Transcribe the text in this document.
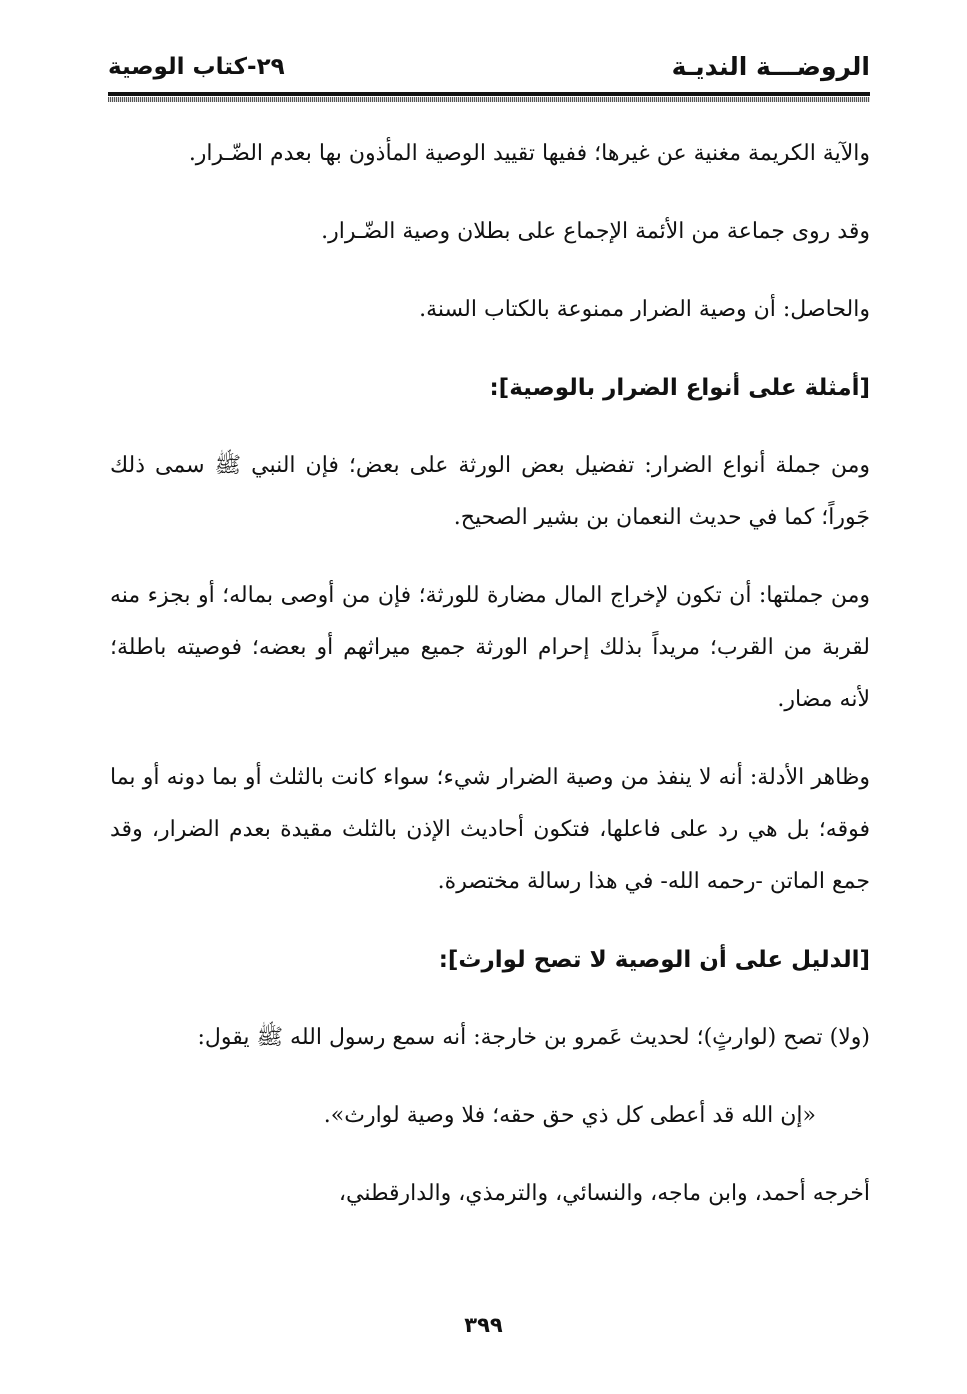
الروضـــة النديـة
٢٩-كتاب الوصية

والآية الكريمة مغنية عن غيرها؛ ففيها تقييد الوصية المأذون بها بعدم الضّـرار.

وقد روى جماعة من الأئمة الإجماع على بطلان وصية الضّـرار.

والحاصل: أن وصية الضرار ممنوعة بالكتاب السنة.

[أمثلة على أنواع الضرار بالوصية]:

ومن جملة أنواع الضرار: تفضيل بعض الورثة على بعض؛ فإن النبي ﷺ سمى ذلك جَوراً؛ كما في حديث النعمان بن بشير الصحيح.

ومن جملتها: أن تكون لإخراج المال مضارة للورثة؛ فإن من أوصى بماله؛ أو بجزء منه لقربة من القرب؛ مريداً بذلك إحرام الورثة جميع ميراثهم أو بعضه؛ فوصيته باطلة؛ لأنه مضار.

وظاهر الأدلة: أنه لا ينفذ من وصية الضرار شيء؛ سواء كانت بالثلث أو بما دونه أو بما فوقه؛ بل هي رد على فاعلها، فتكون أحاديث الإذن بالثلث مقيدة بعدم الضرار، وقد جمع الماتن -رحمه الله- في هذا رسالة مختصرة.

[الدليل على أن الوصية لا تصح لوارث]:

(ولا) تصح (لوارثٍ)؛ لحديث عَمرو بن خارجة: أنه سمع رسول الله ﷺ يقول:

«إن الله قد أعطى كل ذي حق حقه؛ فلا وصية لوارث».

أخرجه أحمد، وابن ماجه، والنسائي، والترمذي، والدارقطني،

٣٩٩
